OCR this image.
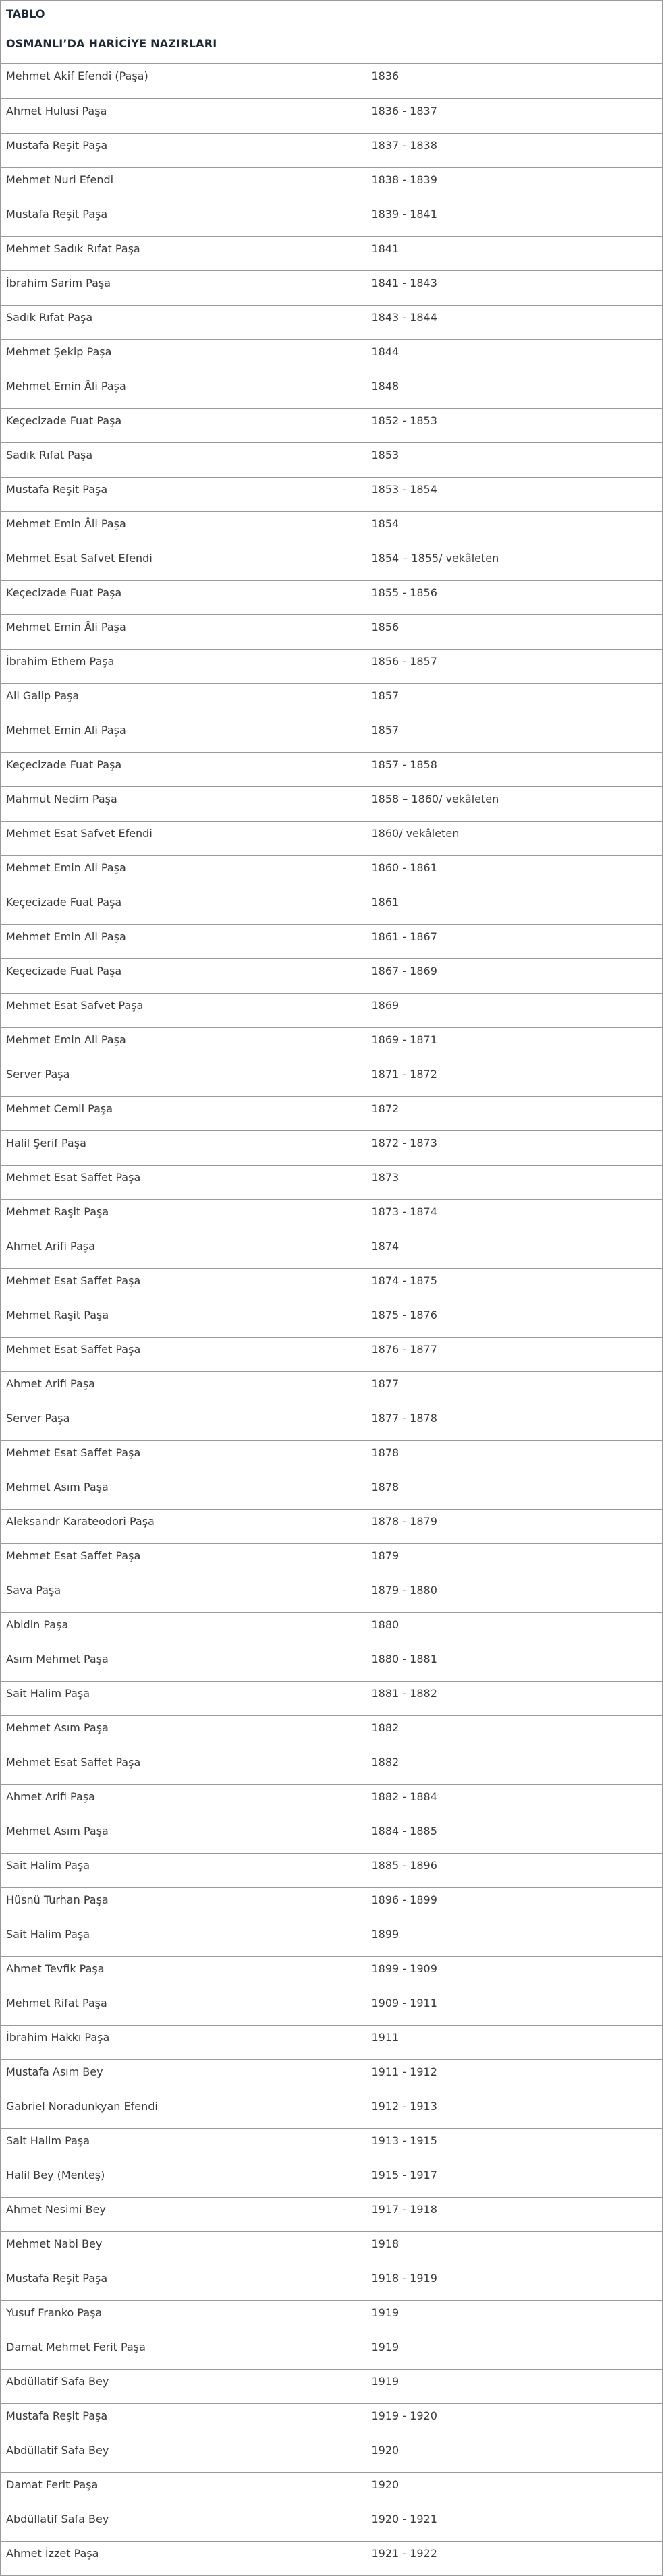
TABLO
OSMANLI’DA HARİCİYE NAZIRLARI
Mehmet Akif Efendi (Paşa)	1836
Ahmet Hulusi Paşa	1836 - 1837
Mustafa Reşit Paşa	1837 - 1838
Mehmet Nuri Efendi	1838 - 1839
Mustafa Reşit Paşa	1839 - 1841
Mehmet Sadık Rıfat Paşa	1841
İbrahim Sarim Paşa	1841 - 1843
Sadık Rıfat Paşa	1843 - 1844
Mehmet Şekip Paşa	1844
Mehmet Emin Âli Paşa	1848
Keçecizade Fuat Paşa	1852 - 1853
Sadık Rıfat Paşa	1853
Mustafa Reşit Paşa	1853 - 1854
Mehmet Emin Âli Paşa	1854
Mehmet Esat Safvet Efendi	1854 – 1855/ vekâleten
Keçecizade Fuat Paşa	1855 - 1856
Mehmet Emin Âli Paşa	1856
İbrahim Ethem Paşa	1856 - 1857
Ali Galip Paşa	1857
Mehmet Emin Ali Paşa	1857
Keçecizade Fuat Paşa	1857 - 1858
Mahmut Nedim Paşa	1858 – 1860/ vekâleten
Mehmet Esat Safvet Efendi	1860/ vekâleten
Mehmet Emin Ali Paşa	1860 - 1861
Keçecizade Fuat Paşa	1861
Mehmet Emin Ali Paşa	1861 - 1867
Keçecizade Fuat Paşa	1867 - 1869
Mehmet Esat Safvet Paşa	1869
Mehmet Emin Ali Paşa	1869 - 1871
Server Paşa	1871 - 1872
Mehmet Cemil Paşa	1872
Halil Şerif Paşa	1872 - 1873
Mehmet Esat Saffet Paşa	1873
Mehmet Raşit Paşa	1873 - 1874
Ahmet Arifi Paşa	1874
Mehmet Esat Saffet Paşa	1874 - 1875
Mehmet Raşit Paşa	1875 - 1876
Mehmet Esat Saffet Paşa	1876 - 1877
Ahmet Arifi Paşa	1877
Server Paşa	1877 - 1878
Mehmet Esat Saffet Paşa	1878
Mehmet Asım Paşa	1878
Aleksandr Karateodori Paşa	1878 - 1879
Mehmet Esat Saffet Paşa	1879
Sava Paşa	1879 - 1880
Abidin Paşa	1880
Asım Mehmet Paşa	1880 - 1881
Sait Halim Paşa	1881 - 1882
Mehmet Asım Paşa	1882
Mehmet Esat Saffet Paşa	1882
Ahmet Arifi Paşa	1882 - 1884
Mehmet Asım Paşa	1884 - 1885
Sait Halim Paşa	1885 - 1896
Hüsnü Turhan Paşa	1896 - 1899
Sait Halim Paşa	1899
Ahmet Tevfik Paşa	1899 - 1909
Mehmet Rifat Paşa	1909 - 1911
İbrahim Hakkı Paşa	1911
Mustafa Asım Bey	1911 - 1912
Gabriel Noradunkyan Efendi	1912 - 1913
Sait Halim Paşa	1913 - 1915
Halil Bey (Menteş)	1915 - 1917
Ahmet Nesimi Bey	1917 - 1918
Mehmet Nabi Bey	1918
Mustafa Reşit Paşa	1918 - 1919
Yusuf Franko Paşa	1919
Damat Mehmet Ferit Paşa	1919
Abdüllatif Safa Bey	1919
Mustafa Reşit Paşa	1919 - 1920
Abdüllatif Safa Bey	1920
Damat Ferit Paşa	1920
Abdüllatif Safa Bey	1920 - 1921
Ahmet İzzet Paşa	1921 - 1922
